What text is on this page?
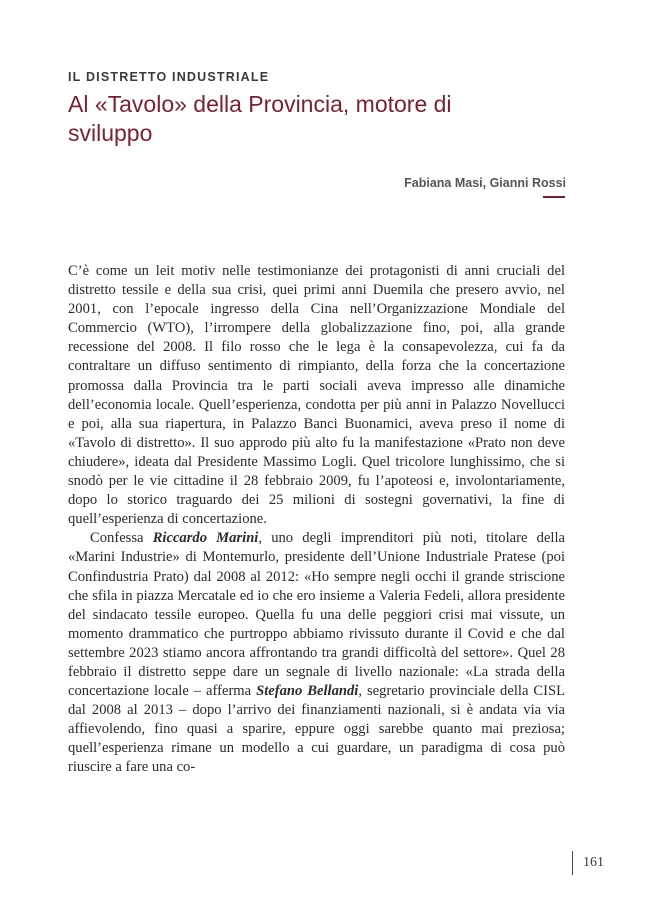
IL DISTRETTO INDUSTRIALE
Al «Tavolo» della Provincia, motore di sviluppo
Fabiana Masi, Gianni Rossi

C’è come un leit motiv nelle testimonianze dei protagonisti di anni cruciali del distretto tessile e della sua crisi, quei primi anni Duemila che presero avvio, nel 2001, con l’epocale ingresso della Cina nell’Organizzazione Mondiale del Commercio (WTO), l’irrompere della globalizzazione fino, poi, alla grande recessione del 2008. Il filo rosso che le lega è la consapevolezza, cui fa da contraltare un diffuso sentimento di rimpianto, della forza che la concertazione promossa dalla Provincia tra le parti sociali aveva impresso alle dinamiche dell’economia locale. Quell’esperienza, condotta per più anni in Palazzo Novellucci e poi, alla sua riapertura, in Palazzo Banci Buonamici, aveva preso il nome di «Tavolo di distretto». Il suo approdo più alto fu la manifestazione «Prato non deve chiudere», ideata dal Presidente Massimo Logli. Quel tricolore lunghissimo, che si snodò per le vie cittadine il 28 febbraio 2009, fu l’apoteosi e, involontariamente, dopo lo storico traguardo dei 25 milioni di sostegni governativi, la fine di quell’esperienza di concertazione.

Confessa Riccardo Marini, uno degli imprenditori più noti, titolare della «Marini Industrie» di Montemurlo, presidente dell’Unione Industriale Pratese (poi Confindustria Prato) dal 2008 al 2012: «Ho sempre negli occhi il grande striscione che sfila in piazza Mercatale ed io che ero insieme a Valeria Fedeli, allora presidente del sindacato tessile europeo. Quella fu una delle peggiori crisi mai vissute, un momento drammatico che purtroppo abbiamo rivissuto durante il Covid e che dal settembre 2023 stiamo ancora affrontando tra grandi difficoltà del settore». Quel 28 febbraio il distretto seppe dare un segnale di livello nazionale: «La strada della concertazione locale – afferma Stefano Bellandi, segretario provinciale della CISL dal 2008 al 2013 – dopo l’arrivo dei finanziamenti nazionali, si è andata via via affievolendo, fino quasi a sparire, eppure oggi sarebbe quanto mai preziosa; quell’esperienza rimane un modello a cui guardare, un paradigma di cosa può riuscire a fare una co-

161
